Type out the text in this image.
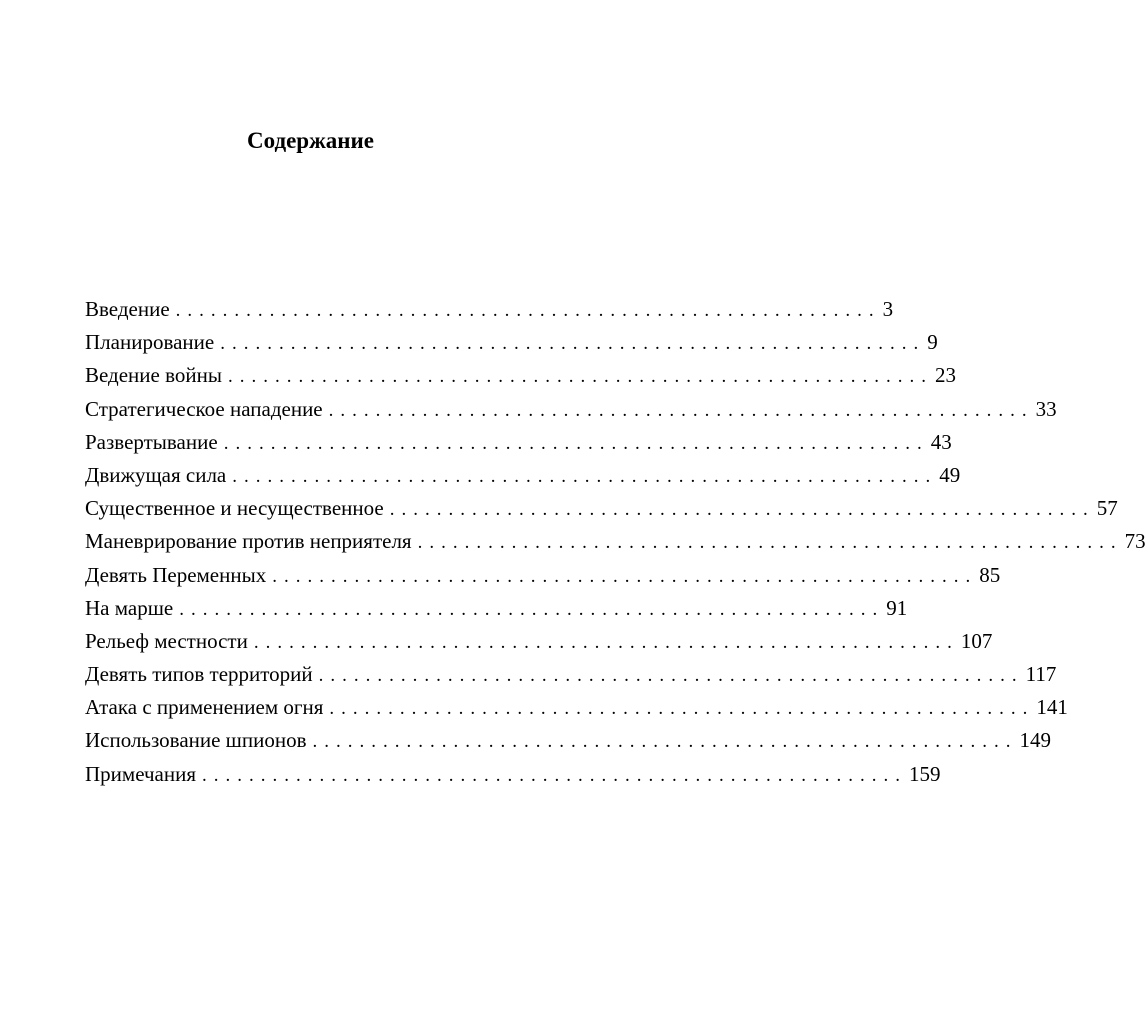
Содержание
Введение ............................................................ 3
Планирование ............................................................ 9
Ведение войны ............................................................ 23
Стратегическое нападение ............................................................ 33
Развертывание ............................................................ 43
Движущая сила ............................................................ 49
Существенное и несущественное ............................................................ 57
Маневрирование против неприятеля ............................................................ 73
Девять Переменных ............................................................ 85
На марше ............................................................ 91
Рельеф местности ............................................................ 107
Девять типов территорий ............................................................ 117
Атака с применением огня ............................................................ 141
Использование шпионов ............................................................ 149
Примечания ............................................................ 159
